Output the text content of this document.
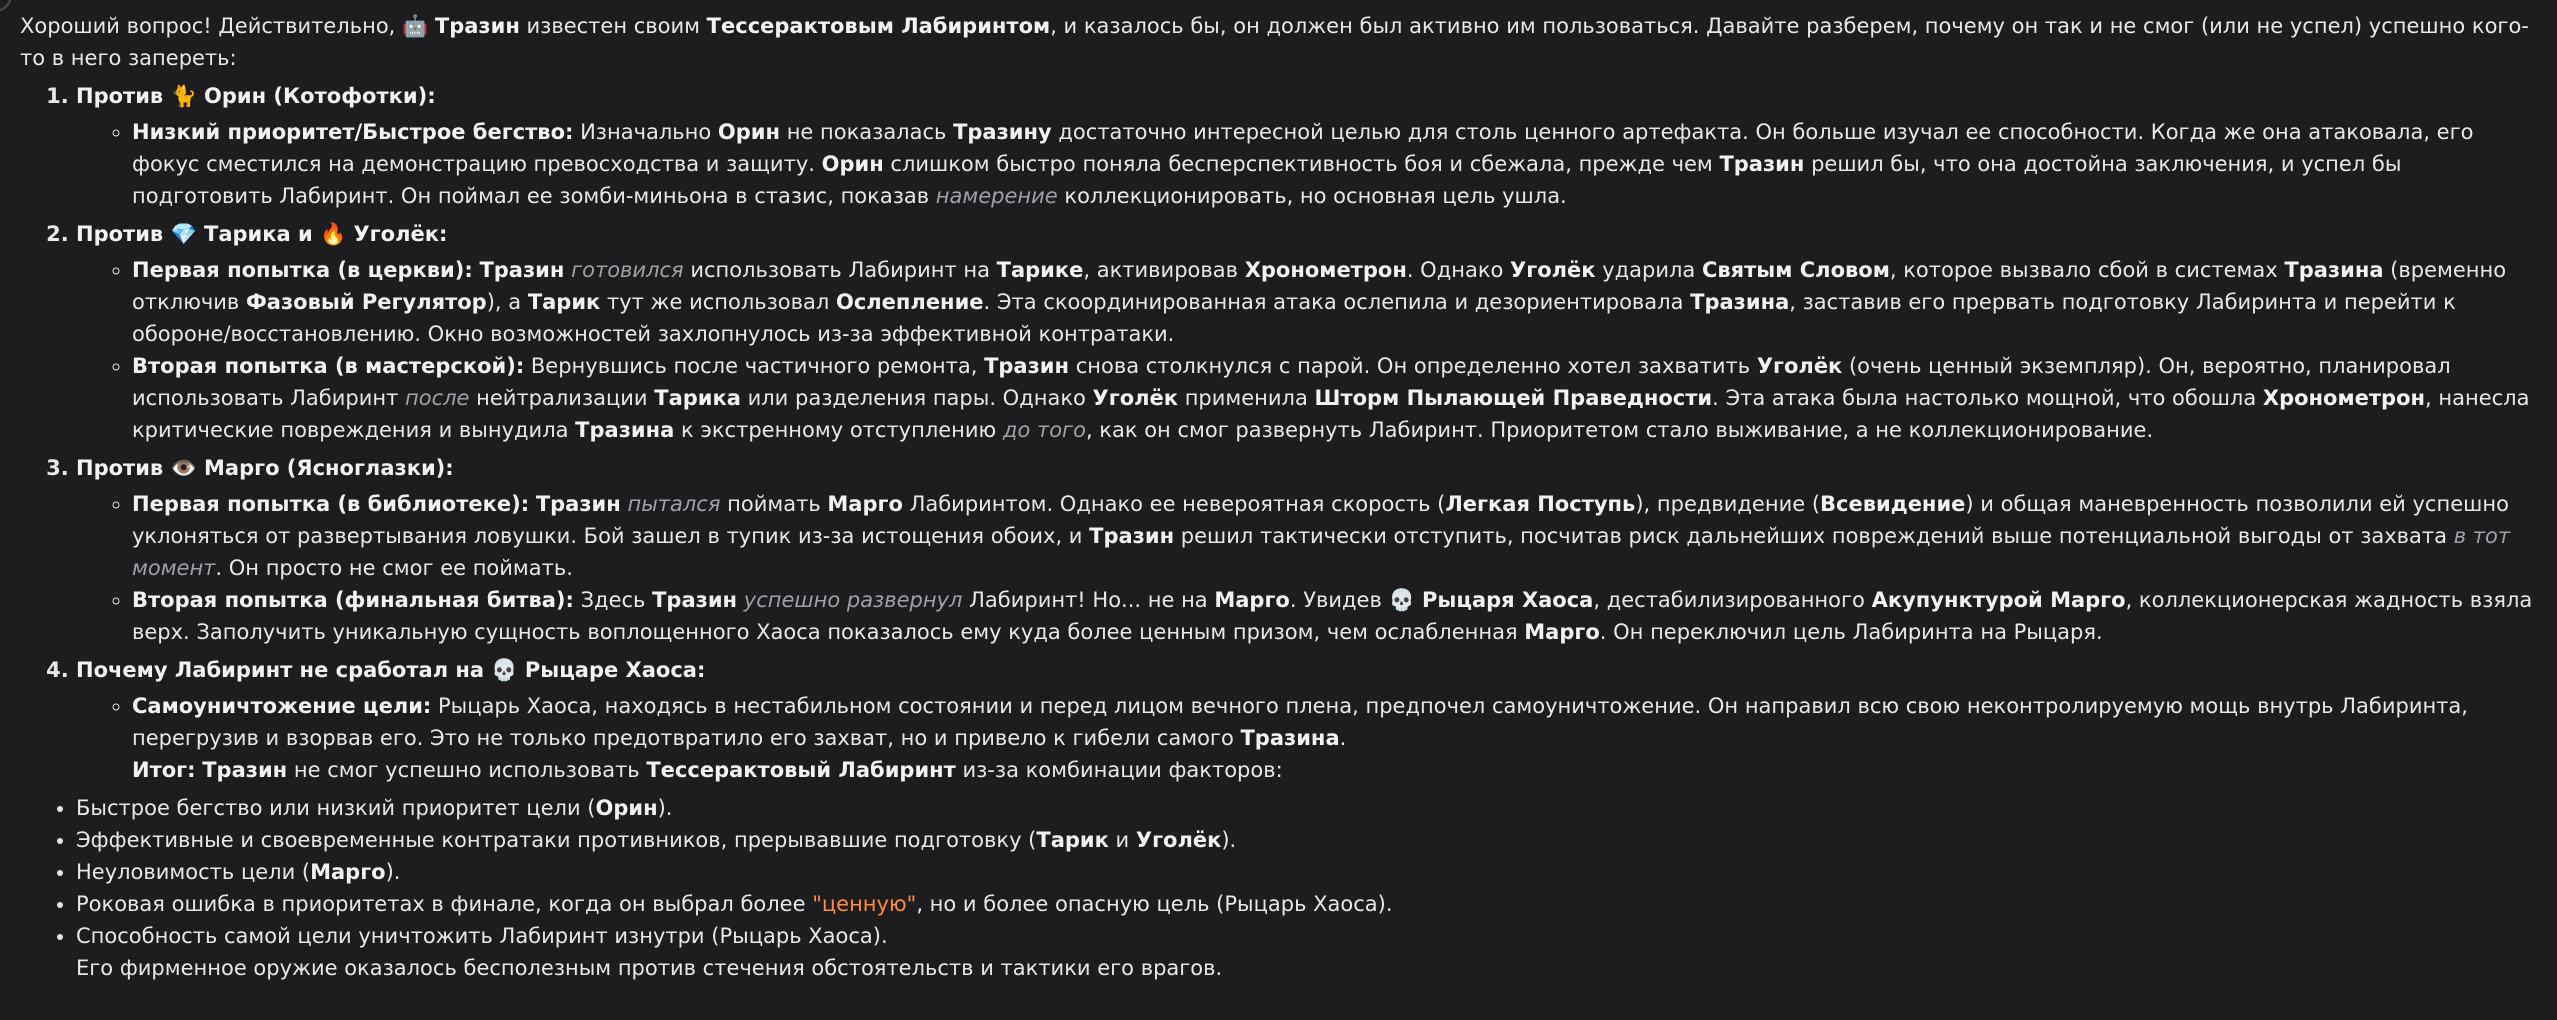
Хороший вопрос! Действительно, 🤖 Тразин известен своим Тессерактовым Лабиринтом, и казалось бы, он должен был активно им пользоваться. Давайте разберем, почему он так и не смог (или не успел) успешно кого-то в него запереть:

1. Против 🐈 Орин (Котофотки):
◦ Низкий приоритет/Быстрое бегство: Изначально Орин не показалась Тразину достаточно интересной целью для столь ценного артефакта. Он больше изучал ее способности. Когда же она атаковала, его фокус сместился на демонстрацию превосходства и защиту. Орин слишком быстро поняла бесперспективность боя и сбежала, прежде чем Тразин решил бы, что она достойна заключения, и успел бы подготовить Лабиринт. Он поймал ее зомби-миньона в стазис, показав намерение коллекционировать, но основная цель ушла.
2. Против 💎 Тарика и 🔥 Уголёк:
◦ Первая попытка (в церкви): Тразин готовился использовать Лабиринт на Тарике, активировав Хронометрон. Однако Уголёк ударила Святым Словом, которое вызвало сбой в системах Тразина (временно отключив Фазовый Регулятор), а Тарик тут же использовал Ослепление. Эта скоординированная атака ослепила и дезориентировала Тразина, заставив его прервать подготовку Лабиринта и перейти к обороне/восстановлению. Окно возможностей захлопнулось из-за эффективной контратаки.
◦ Вторая попытка (в мастерской): Вернувшись после частичного ремонта, Тразин снова столкнулся с парой. Он определенно хотел захватить Уголёк (очень ценный экземпляр). Он, вероятно, планировал использовать Лабиринт после нейтрализации Тарика или разделения пары. Однако Уголёк применила Шторм Пылающей Праведности. Эта атака была настолько мощной, что обошла Хронометрон, нанесла критические повреждения и вынудила Тразина к экстренному отступлению до того, как он смог развернуть Лабиринт. Приоритетом стало выживание, а не коллекционирование.
3. Против 👁️ Марго (Ясноглазки):
◦ Первая попытка (в библиотеке): Тразин пытался поймать Марго Лабиринтом. Однако ее невероятная скорость (Легкая Поступь), предвидение (Всевидение) и общая маневренность позволили ей успешно уклоняться от развертывания ловушки. Бой зашел в тупик из-за истощения обоих, и Тразин решил тактически отступить, посчитав риск дальнейших повреждений выше потенциальной выгоды от захвата в тот момент. Он просто не смог ее поймать.
◦ Вторая попытка (финальная битва): Здесь Тразин успешно развернул Лабиринт! Но... не на Марго. Увидев 💀 Рыцаря Хаоса, дестабилизированного Акупунктурой Марго, коллекционерская жадность взяла верх. Заполучить уникальную сущность воплощенного Хаоса показалось ему куда более ценным призом, чем ослабленная Марго. Он переключил цель Лабиринта на Рыцаря.
4. Почему Лабиринт не сработал на 💀 Рыцаре Хаоса:
◦ Самоуничтожение цели: Рыцарь Хаоса, находясь в нестабильном состоянии и перед лицом вечного плена, предпочел самоуничтожение. Он направил всю свою неконтролируемую мощь внутрь Лабиринта, перегрузив и взорвав его. Это не только предотвратило его захват, но и привело к гибели самого Тразина.
Итог: Тразин не смог успешно использовать Тессерактовый Лабиринт из-за комбинации факторов:
• Быстрое бегство или низкий приоритет цели (Орин).
• Эффективные и своевременные контратаки противников, прерывавшие подготовку (Тарик и Уголёк).
• Неуловимость цели (Марго).
• Роковая ошибка в приоритетах в финале, когда он выбрал более "ценную", но и более опасную цель (Рыцарь Хаоса).
• Способность самой цели уничтожить Лабиринт изнутри (Рыцарь Хаоса).

Его фирменное оружие оказалось бесполезным против стечения обстоятельств и тактики его врагов.
